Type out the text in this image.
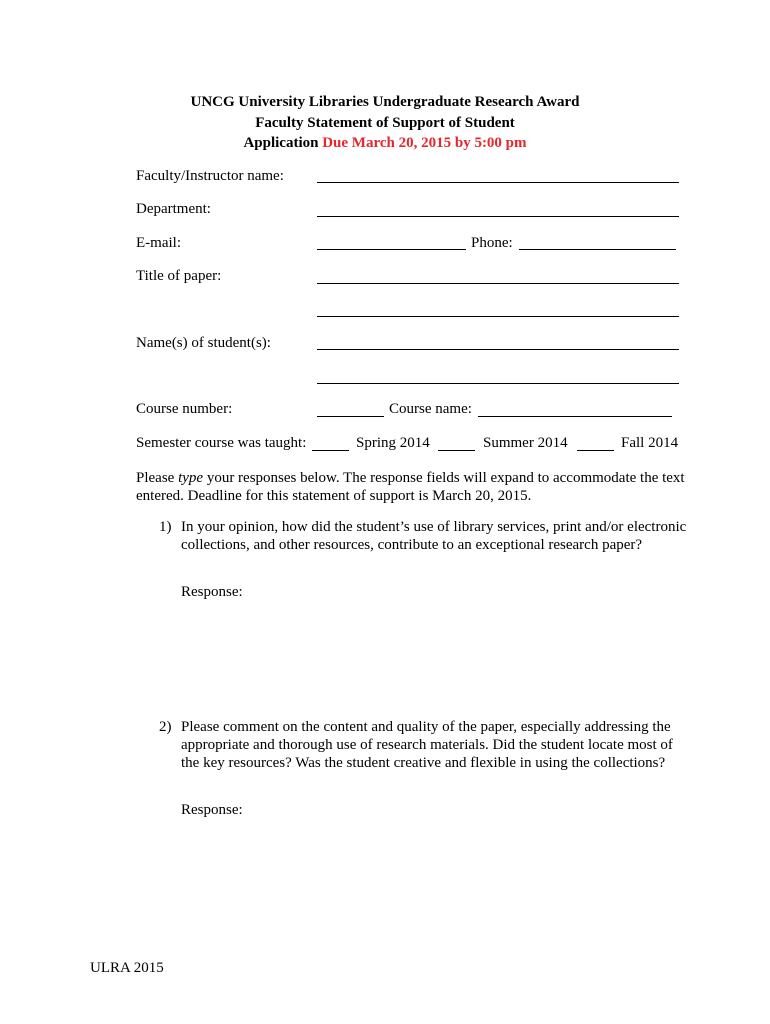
UNCG University Libraries Undergraduate Research Award
Faculty Statement of Support of Student
Application Due March 20, 2015 by 5:00 pm
Faculty/Instructor name:
Department:
E-mail:	Phone:
Title of paper:
Name(s) of student(s):
Course number:	Course name:
Semester course was taught:	Spring 2014	Summer 2014	Fall 2014
Please type your responses below. The response fields will expand to accommodate the text entered. Deadline for this statement of support is March 20, 2015.
1) In your opinion, how did the student’s use of library services, print and/or electronic collections, and other resources, contribute to an exceptional research paper?
Response:
2) Please comment on the content and quality of the paper, especially addressing the appropriate and thorough use of research materials. Did the student locate most of the key resources? Was the student creative and flexible in using the collections?
Response:
ULRA 2015
